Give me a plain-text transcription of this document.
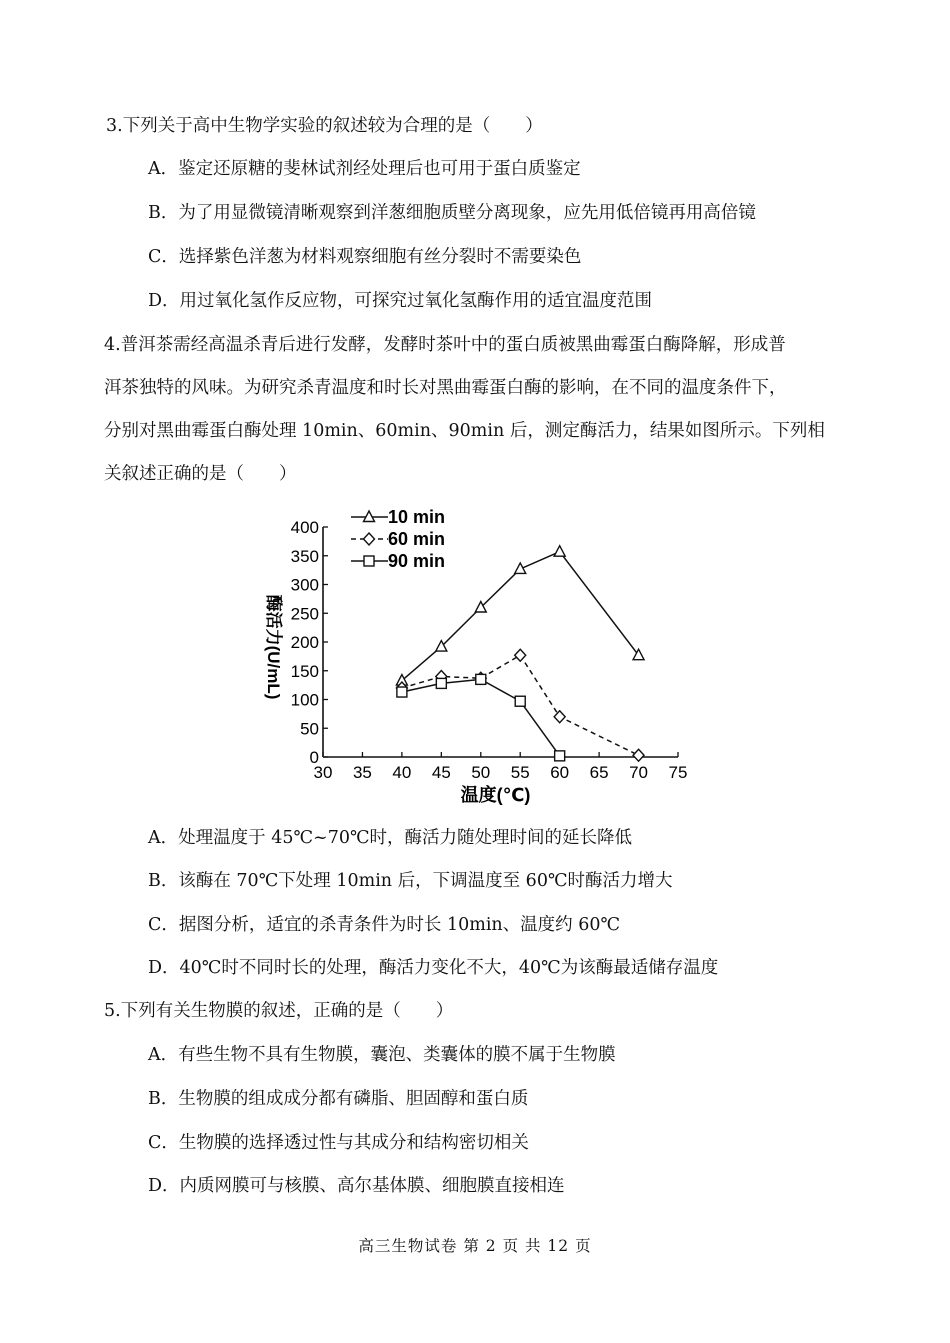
3.下列关于高中生物学实验的叙述较为合理的是（　　）
A．鉴定还原糖的斐林试剂经处理后也可用于蛋白质鉴定
B．为了用显微镜清晰观察到洋葱细胞质壁分离现象，应先用低倍镜再用高倍镜
C．选择紫色洋葱为材料观察细胞有丝分裂时不需要染色
D．用过氧化氢作反应物，可探究过氧化氢酶作用的适宜温度范围
4.普洱茶需经高温杀青后进行发酵，发酵时茶叶中的蛋白质被黑曲霉蛋白酶降解，形成普
洱茶独特的风味。为研究杀青温度和时长对黑曲霉蛋白酶的影响，在不同的温度条件下，
分别对黑曲霉蛋白酶处理 10min、60min、90min 后，测定酶活力，结果如图所示。下列相
关叙述正确的是（　　）
30 35 40 45 50 55 60 65 70 75
0
50
100
150
200
250
300
350
400
温度(℃)
酶活力(U/mL)
10 min
60 min
90 min
A．处理温度于 45℃~70℃时，酶活力随处理时间的延长降低
B．该酶在 70℃下处理 10min 后，下调温度至 60℃时酶活力增大
C．据图分析，适宜的杀青条件为时长 10min、温度约 60℃
D．40℃时不同时长的处理，酶活力变化不大，40℃为该酶最适储存温度
5.下列有关生物膜的叙述，正确的是（　　）
A．有些生物不具有生物膜，囊泡、类囊体的膜不属于生物膜
B．生物膜的组成成分都有磷脂、胆固醇和蛋白质
C．生物膜的选择透过性与其成分和结构密切相关
D．内质网膜可与核膜、高尔基体膜、细胞膜直接相连
高三生物试卷 第 2 页 共 12 页
